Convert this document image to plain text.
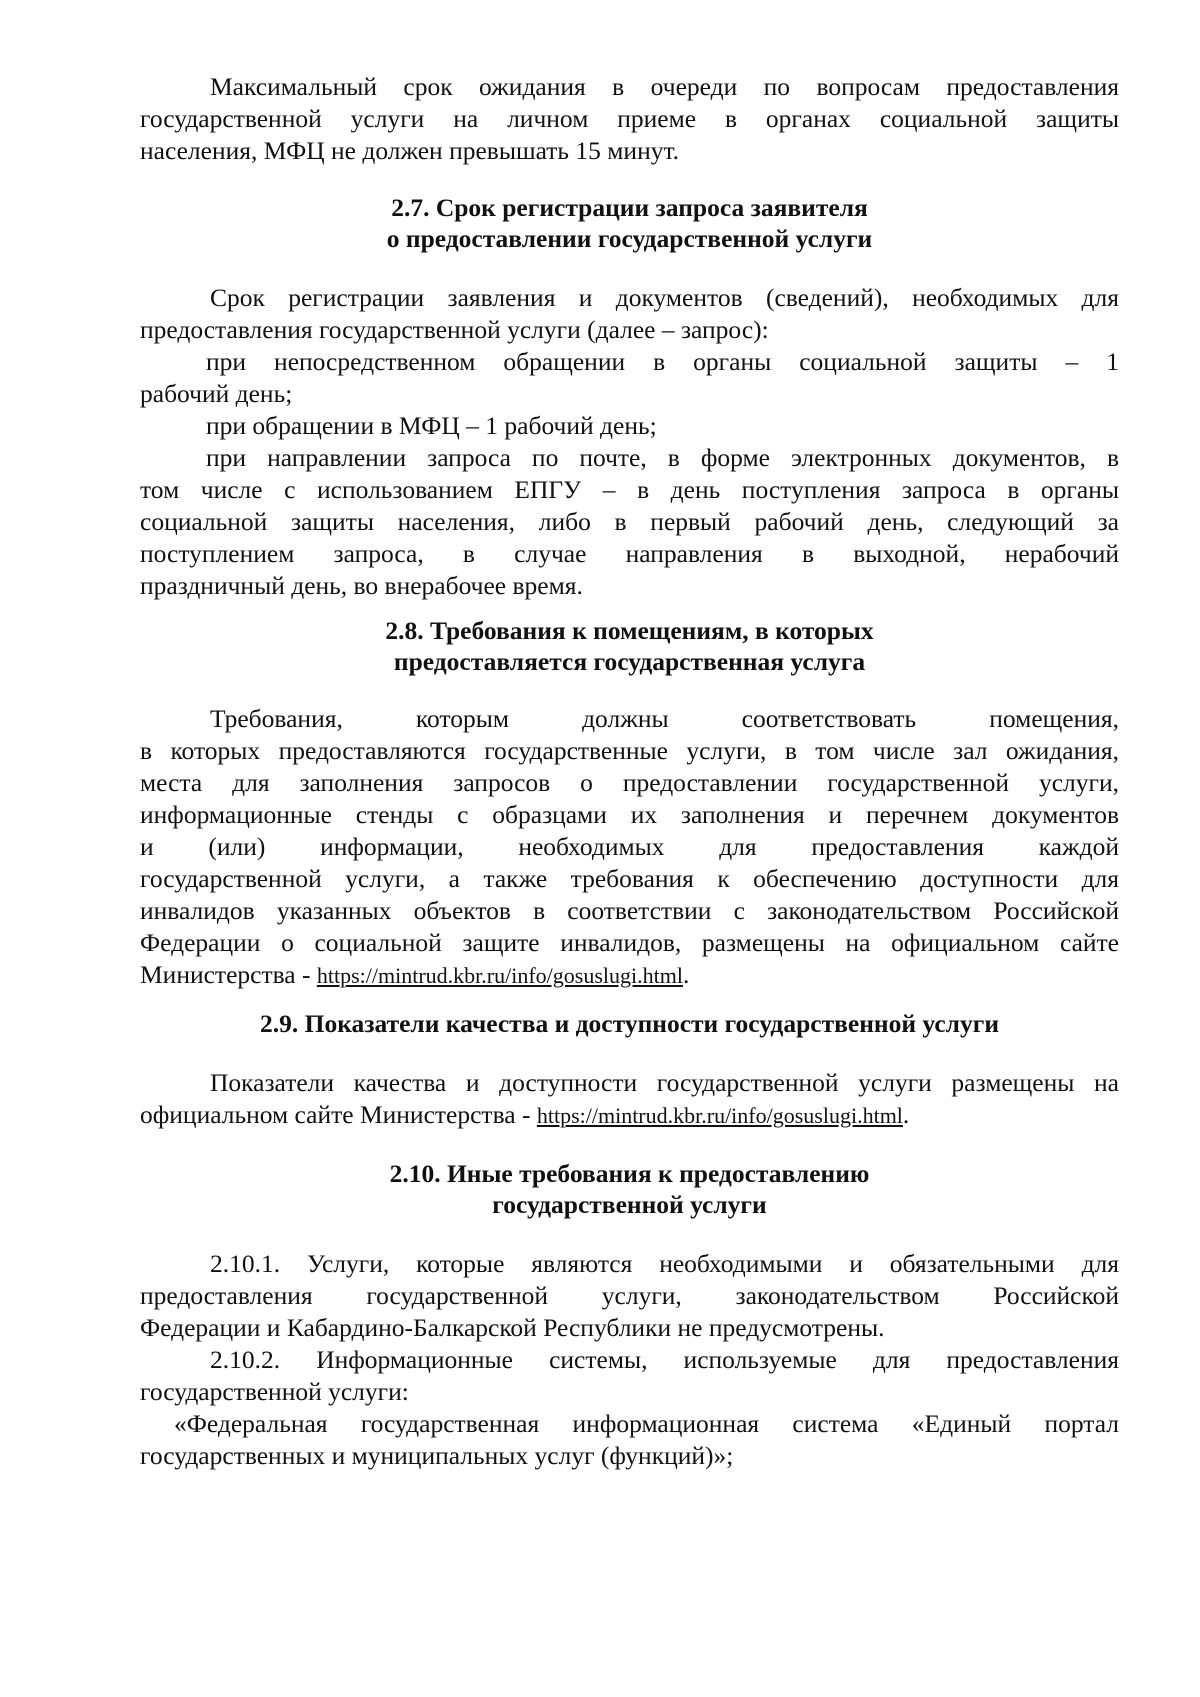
Максимальный срок ожидания в очереди по вопросам предоставления

государственной услуги на личном приеме в органах социальной защиты

населения, МФЦ не должен превышать 15 минут.

2.7. Срок регистрации запроса заявителя
о предоставлении государственной услуги

Срок регистрации заявления и документов (сведений), необходимых для

предоставления государственной услуги (далее – запрос):

при непосредственном обращении в органы социальной защиты – 1

рабочий день;

при обращении в МФЦ – 1 рабочий день;

при направлении запроса по почте, в форме электронных документов, в

том числе с использованием ЕПГУ – в день поступления запроса в органы

социальной защиты населения, либо в первый рабочий день, следующий за

поступлением запроса, в случае направления в выходной, нерабочий

праздничный день, во внерабочее время.

2.8. Требования к помещениям, в которых
предоставляется государственная услуга

Требования, которым должны соответствовать помещения,

в которых предоставляются государственные услуги, в том числе зал ожидания,

места для заполнения запросов о предоставлении государственной услуги,

информационные стенды с образцами их заполнения и перечнем документов

и (или) информации, необходимых для предоставления каждой

государственной услуги, а также требования к обеспечению доступности для

инвалидов указанных объектов в соответствии с законодательством Российской

Федерации о социальной защите инвалидов, размещены на официальном сайте

Министерства - https://mintrud.kbr.ru/info/gosuslugi.html.

2.9. Показатели качества и доступности государственной услуги

Показатели качества и доступности государственной услуги размещены на

официальном сайте Министерства - https://mintrud.kbr.ru/info/gosuslugi.html.

2.10. Иные требования к предоставлению
государственной услуги

2.10.1. Услуги, которые являются необходимыми и обязательными для

предоставления государственной услуги, законодательством Российской

Федерации и Кабардино-Балкарской Республики не предусмотрены.

2.10.2. Информационные системы, используемые для предоставления

государственной услуги:

«Федеральная государственная информационная система «Единый портал

государственных и муниципальных услуг (функций)»;
